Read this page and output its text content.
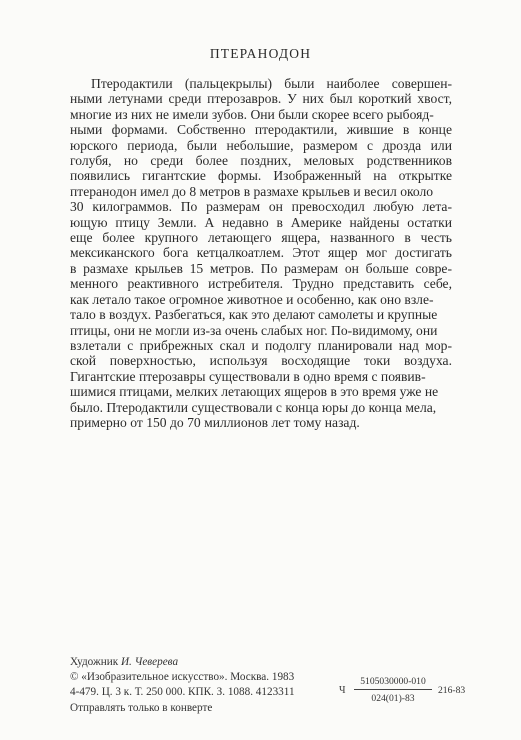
ПТЕРАНОДОН
Птеродактили (пальцекрылы) были наиболее совершен-
ными летунами среди птерозавров. У них был короткий хвост,
многие из них не имели зубов. Они были скорее всего рыбояд-
ными формами. Собственно птеродактили, жившие в конце
юрского периода, были небольшие, размером с дрозда или
голубя, но среди более поздних, меловых родственников
появились гигантские формы. Изображенный на открытке
птеранодон имел до 8 метров в размахе крыльев и весил около
30 килограммов. По размерам он превосходил любую лета-
ющую птицу Земли. А недавно в Америке найдены остатки
еще более крупного летающего ящера, названного в честь
мексиканского бога кетцалкоатлем. Этот ящер мог достигать
в размахе крыльев 15 метров. По размерам он больше совре-
менного реактивного истребителя. Трудно представить себе,
как летало такое огромное животное и особенно, как оно взле-
тало в воздух. Разбегаться, как это делают самолеты и крупные
птицы, они не могли из-за очень слабых ног. По-видимому, они
взлетали с прибрежных скал и подолгу планировали над мор-
ской поверхностью, используя восходящие токи воздуха.
Гигантские птерозавры существовали в одно время с появив-
шимися птицами, мелких летающих ящеров в это время уже не
было. Птеродактили существовали с конца юры до конца мела,
примерно от 150 до 70 миллионов лет тому назад.
Художник И. Чеверева
© «Изобразительное искусство». Москва. 1983
4-479. Ц. 3 к. Т. 250 000. КПК. З. 1088. 4123311
Отправлять только в конверте
Ч
5105030000-010
024(01)-83
216-83
